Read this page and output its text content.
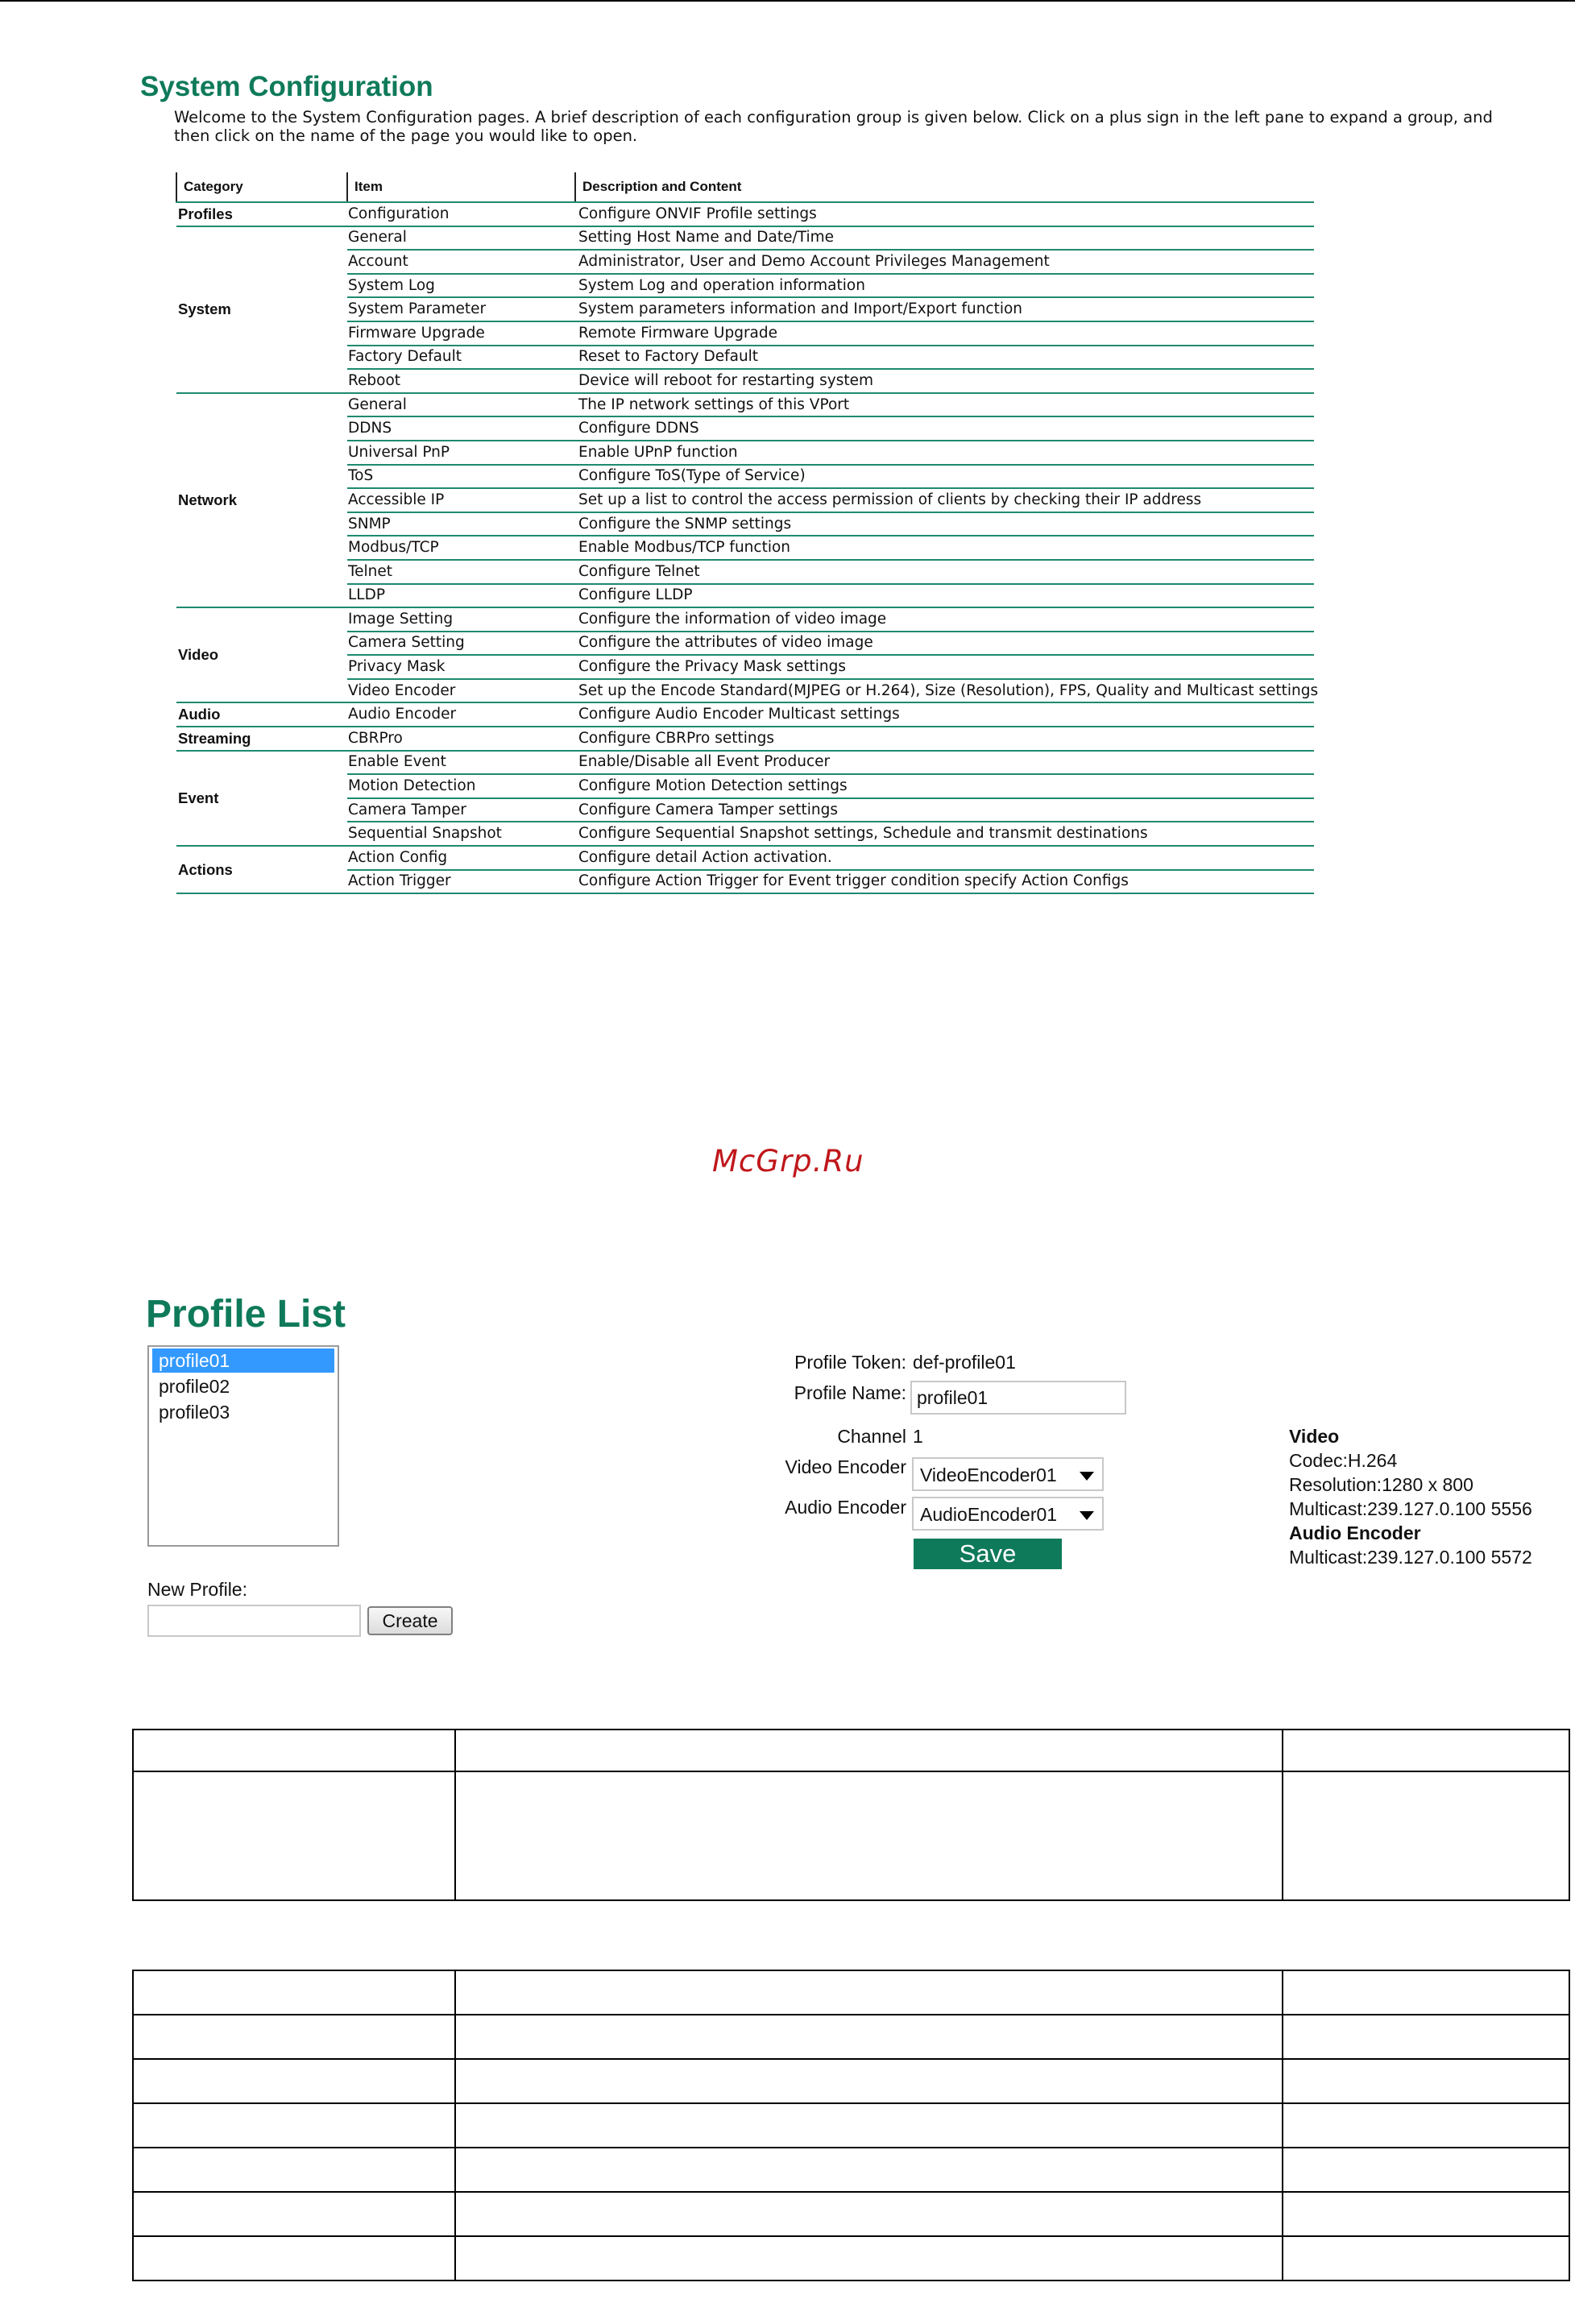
System Configuration
Welcome to the System Configuration pages. A brief description of each configuration group is given below. Click on a plus sign in the left pane to expand a group, and then click on the name of the page you would like to open.
Category	Item	Description and Content
Profiles	Configuration	Configure ONVIF Profile settings
System	General	Setting Host Name and Date/Time
	Account	Administrator, User and Demo Account Privileges Management
	System Log	System Log and operation information
	System Parameter	System parameters information and Import/Export function
	Firmware Upgrade	Remote Firmware Upgrade
	Factory Default	Reset to Factory Default
	Reboot	Device will reboot for restarting system
Network	General	The IP network settings of this VPort
	DDNS	Configure DDNS
	Universal PnP	Enable UPnP function
	ToS	Configure ToS(Type of Service)
	Accessible IP	Set up a list to control the access permission of clients by checking their IP address
	SNMP	Configure the SNMP settings
	Modbus/TCP	Enable Modbus/TCP function
	Telnet	Configure Telnet
	LLDP	Configure LLDP
Video	Image Setting	Configure the information of video image
	Camera Setting	Configure the attributes of video image
	Privacy Mask	Configure the Privacy Mask settings
	Video Encoder	Set up the Encode Standard(MJPEG or H.264), Size (Resolution), FPS, Quality and Multicast settings
Audio	Audio Encoder	Configure Audio Encoder Multicast settings
Streaming	CBRPro	Configure CBRPro settings
Event	Enable Event	Enable/Disable all Event Producer
	Motion Detection	Configure Motion Detection settings
	Camera Tamper	Configure Camera Tamper settings
	Sequential Snapshot	Configure Sequential Snapshot settings, Schedule and transmit destinations
Actions	Action Config	Configure detail Action activation.
	Action Trigger	Configure Action Trigger for Event trigger condition specify Action Configs
McGrp.Ru
Profile List
profile01
profile02
profile03
New Profile:
Create
Profile Token: def-profile01
Profile Name: profile01
Channel 1
Video Encoder VideoEncoder01
Audio Encoder AudioEncoder01
Save
Video
Codec:H.264
Resolution:1280 x 800
Multicast:239.127.0.100 5556
Audio Encoder
Multicast:239.127.0.100 5572
